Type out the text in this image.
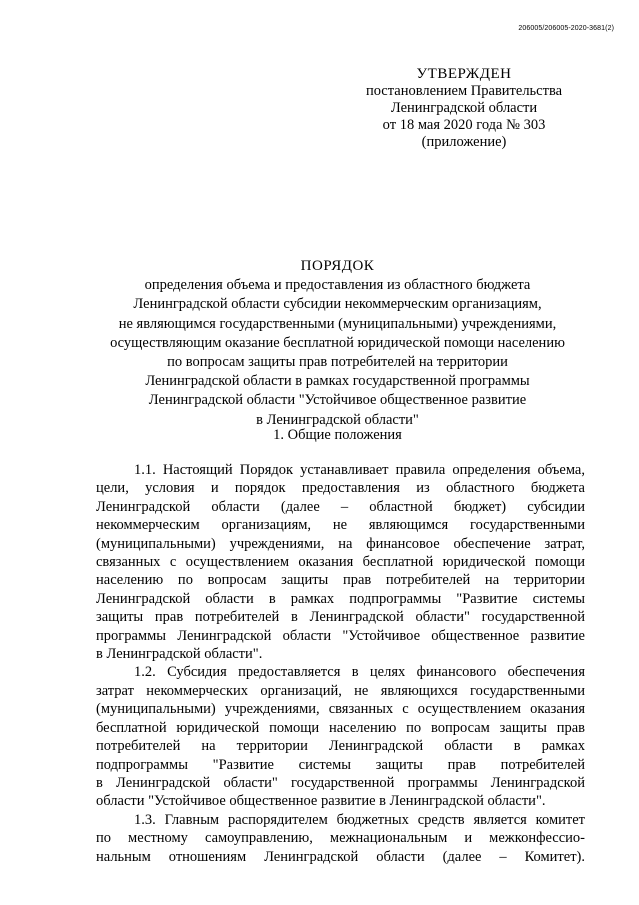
206005/206005-2020-3681(2)
УТВЕРЖДЕН
постановлением Правительства
Ленинградской области
от 18 мая 2020 года № 303
(приложение)
ПОРЯДОК
определения объема и предоставления из областного бюджета
Ленинградской области субсидии некоммерческим организациям,
не являющимся государственными (муниципальными) учреждениями,
осуществляющим оказание бесплатной юридической помощи населению
по вопросам защиты прав потребителей на территории
Ленинградской области в рамках государственной программы
Ленинградской области "Устойчивое общественное развитие
в Ленинградской области"
1. Общие положения
1.1. Настоящий Порядок устанавливает правила определения объема,
цели, условия и порядок предоставления из областного бюджета
Ленинградской области (далее – областной бюджет) субсидии
некоммерческим организациям, не являющимся государственными
(муниципальными) учреждениями, на финансовое обеспечение затрат,
связанных с осуществлением оказания бесплатной юридической помощи
населению по вопросам защиты прав потребителей на территории
Ленинградской области в рамках подпрограммы "Развитие системы
защиты прав потребителей в Ленинградской области" государственной
программы Ленинградской области "Устойчивое общественное развитие
в Ленинградской области".
1.2. Субсидия предоставляется в целях финансового обеспечения
затрат некоммерческих организаций, не являющихся государственными
(муниципальными) учреждениями, связанных с осуществлением оказания
бесплатной юридической помощи населению по вопросам защиты прав
потребителей на территории Ленинградской области в рамках
подпрограммы "Развитие системы защиты прав потребителей
в Ленинградской области" государственной программы Ленинградской
области "Устойчивое общественное развитие в Ленинградской области".
1.3. Главным распорядителем бюджетных средств является комитет
по местному самоуправлению, межнациональным и межконфессио-
нальным отношениям Ленинградской области (далее – Комитет).
